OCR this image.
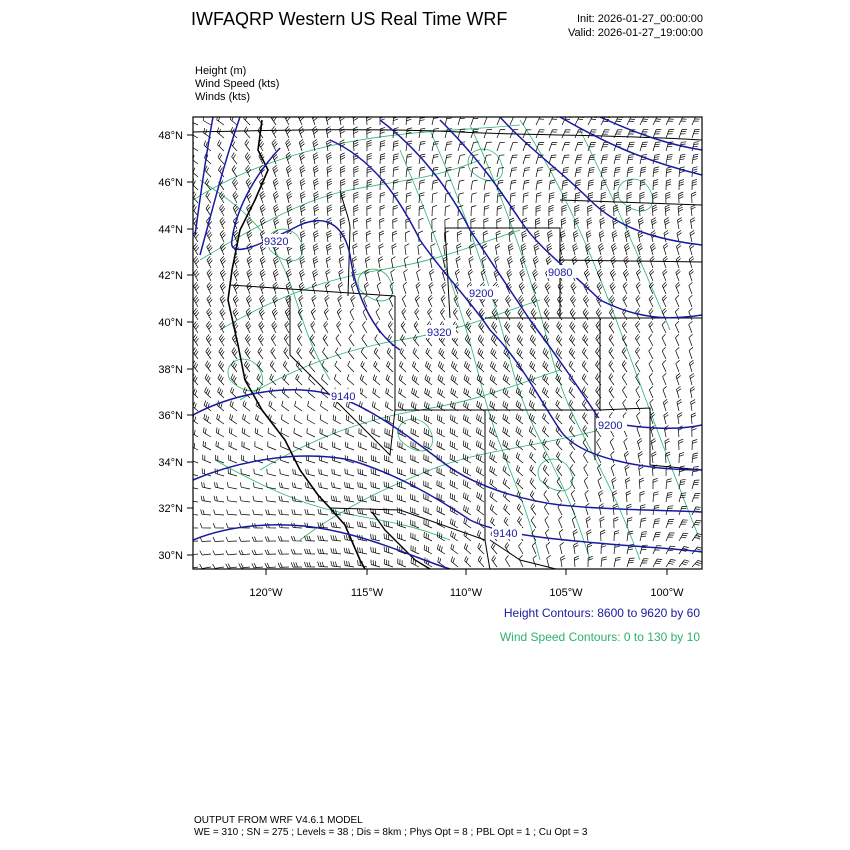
IWFAQRP Western US Real Time WRF	Init: 2026-01-27_00:00:00
Valid: 2026-01-27_19:00:00
Height (m)
Wind Speed (kts)
Winds (kts)
9320
9200
9080
9320
9140
9200
9140
48°N
46°N
44°N
42°N
40°N
38°N
36°N
34°N
32°N
30°N
120°W	115°W	110°W	105°W	100°W
Height Contours: 8600 to 9620 by 60
Wind Speed Contours: 0 to 130 by 10
OUTPUT FROM WRF V4.6.1 MODEL
WE = 310 ; SN = 275 ; Levels = 38 ; Dis = 8km ; Phys Opt = 8 ; PBL Opt = 1 ; Cu Opt = 3
